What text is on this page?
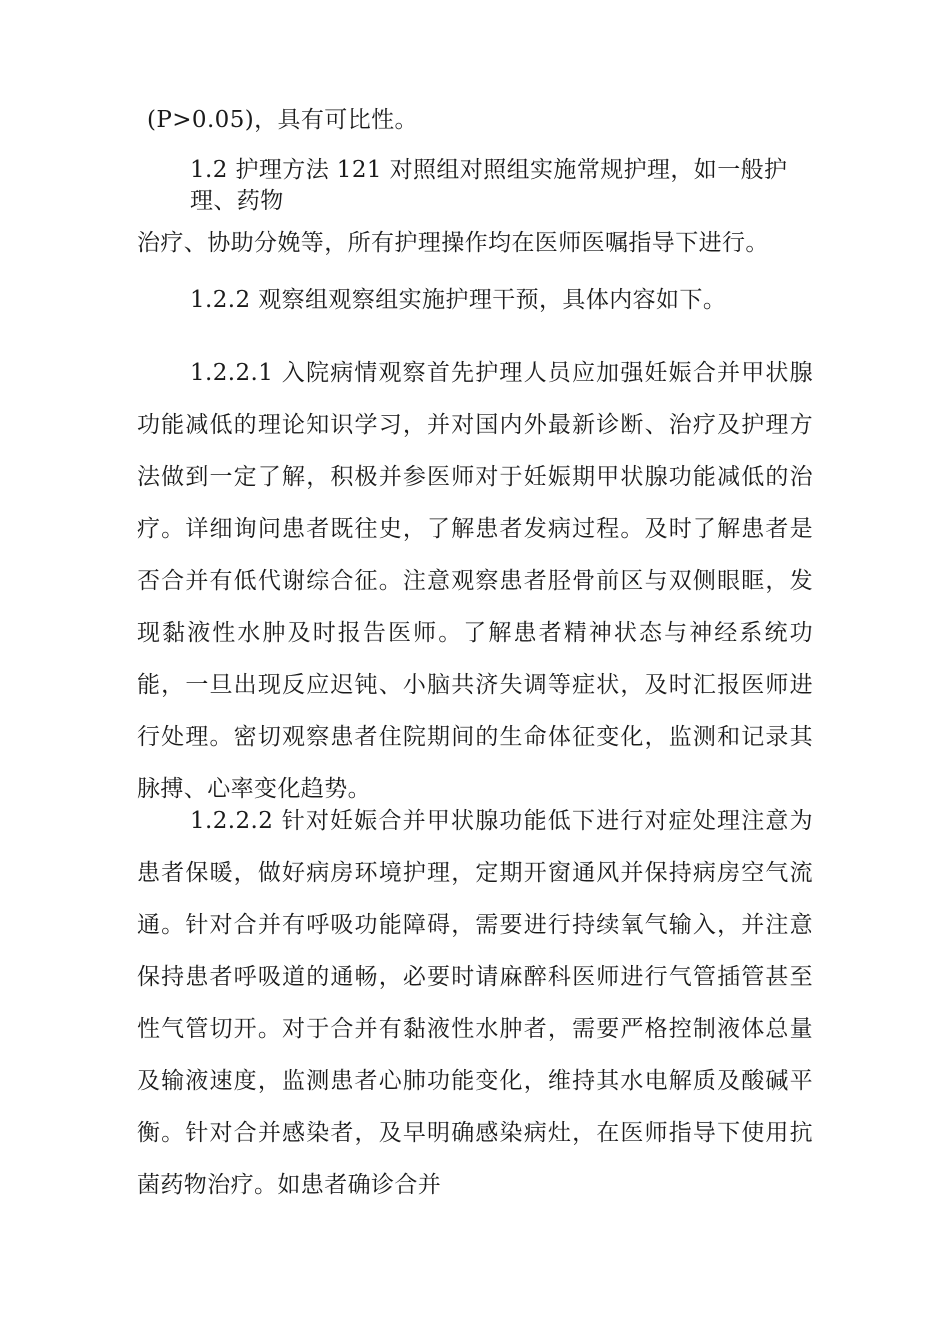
(P>0.05)，具有可比性。
1.2 护理方法 121 对照组对照组实施常规护理，如一般护
理、药物
治疗、协助分娩等，所有护理操作均在医师医嘱指导下进行。
1.2.2 观察组观察组实施护理干预，具体内容如下。

1.2.2.1 入院病情观察首先护理人员应加强妊娠合并甲状腺功能减低的理论知识学习，并对国内外最新诊断、治疗及护理方法做到一定了解，积极并参医师对于妊娠期甲状腺功能减低的治疗。详细询问患者既往史，了解患者发病过程。及时了解患者是否合并有低代谢综合征。注意观察患者胫骨前区与双侧眼眶，发现黏液性水肿及时报告医师。了解患者精神状态与神经系统功能，一旦出现反应迟钝、小脑共济失调等症状，及时汇报医师进行处理。密切观察患者住院期间的生命体征变化，监测和记录其脉搏、心率变化趋势。

1.2.2.2 针对妊娠合并甲状腺功能低下进行对症处理注意为患者保暖，做好病房环境护理，定期开窗通风并保持病房空气流通。针对合并有呼吸功能障碍，需要进行持续氧气输入，并注意保持患者呼吸道的通畅，必要时请麻醉科医师进行气管插管甚至性气管切开。对于合并有黏液性水肿者，需要严格控制液体总量及输液速度，监测患者心肺功能变化，维持其水电解质及酸碱平衡。针对合并感染者，及早明确感染病灶，在医师指导下使用抗菌药物治疗。如患者确诊合并
